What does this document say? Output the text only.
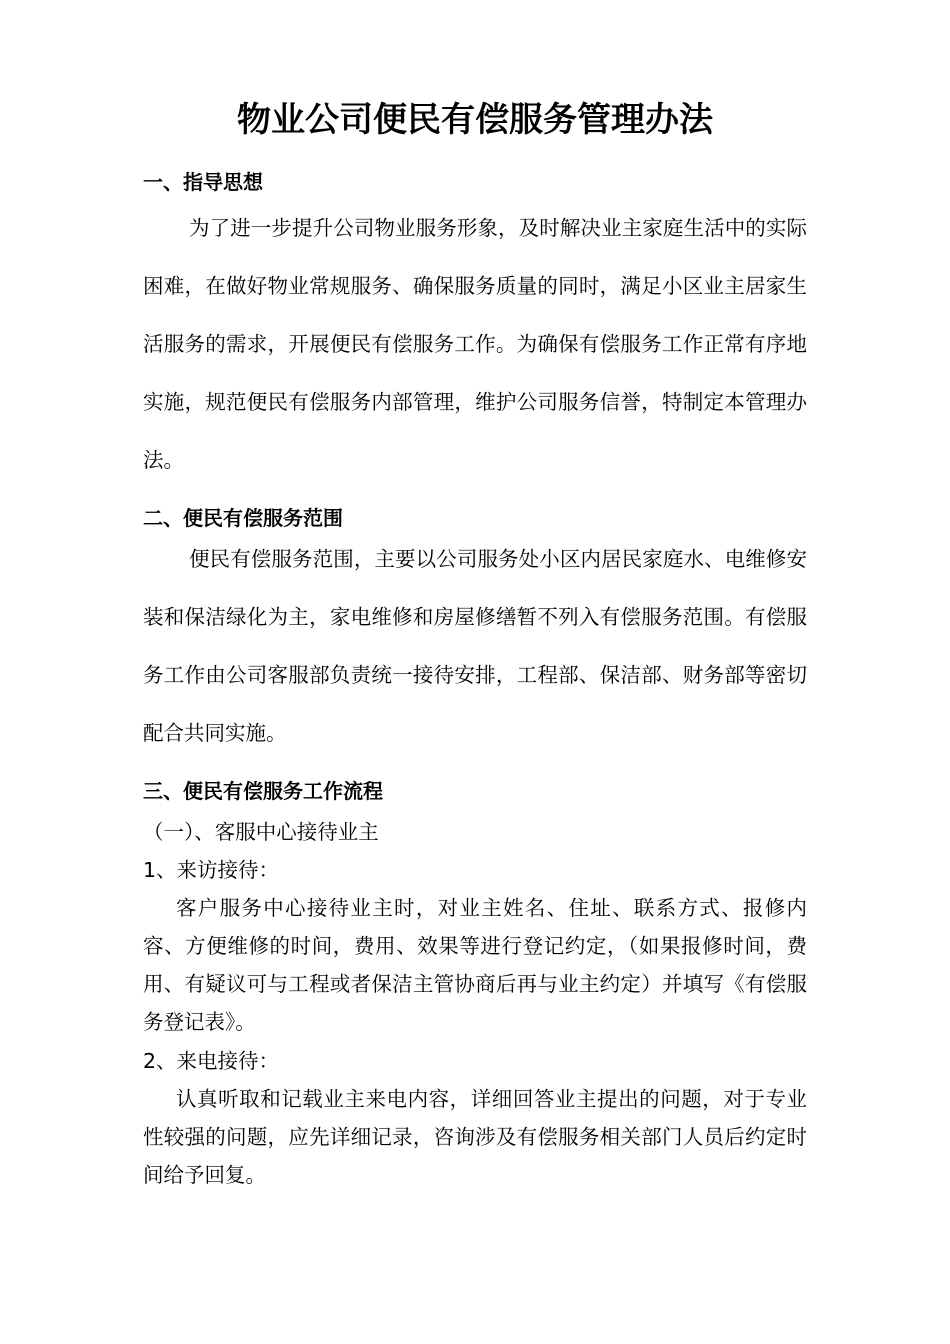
物业公司便民有偿服务管理办法
一、指导思想

为了进一步提升公司物业服务形象，及时解决业主家庭生活中的实际困难，在做好物业常规服务、确保服务质量的同时，满足小区业主居家生活服务的需求，开展便民有偿服务工作。为确保有偿服务工作正常有序地实施，规范便民有偿服务内部管理，维护公司服务信誉，特制定本管理办法。

二、便民有偿服务范围

便民有偿服务范围，主要以公司服务处小区内居民家庭水、电维修安装和保洁绿化为主，家电维修和房屋修缮暂不列入有偿服务范围。有偿服务工作由公司客服部负责统一接待安排，工程部、保洁部、财务部等密切配合共同实施。

三、便民有偿服务工作流程
（一）、客服中心接待业主
1、来访接待：

客户服务中心接待业主时，对业主姓名、住址、联系方式、报修内容、方便维修的时间，费用、效果等进行登记约定，（如果报修时间，费用、有疑议可与工程或者保洁主管协商后再与业主约定）并填写《有偿服务登记表》。

2、来电接待：

认真听取和记载业主来电内容，详细回答业主提出的问题，对于专业性较强的问题，应先详细记录，咨询涉及有偿服务相关部门人员后约定时间给予回复。
